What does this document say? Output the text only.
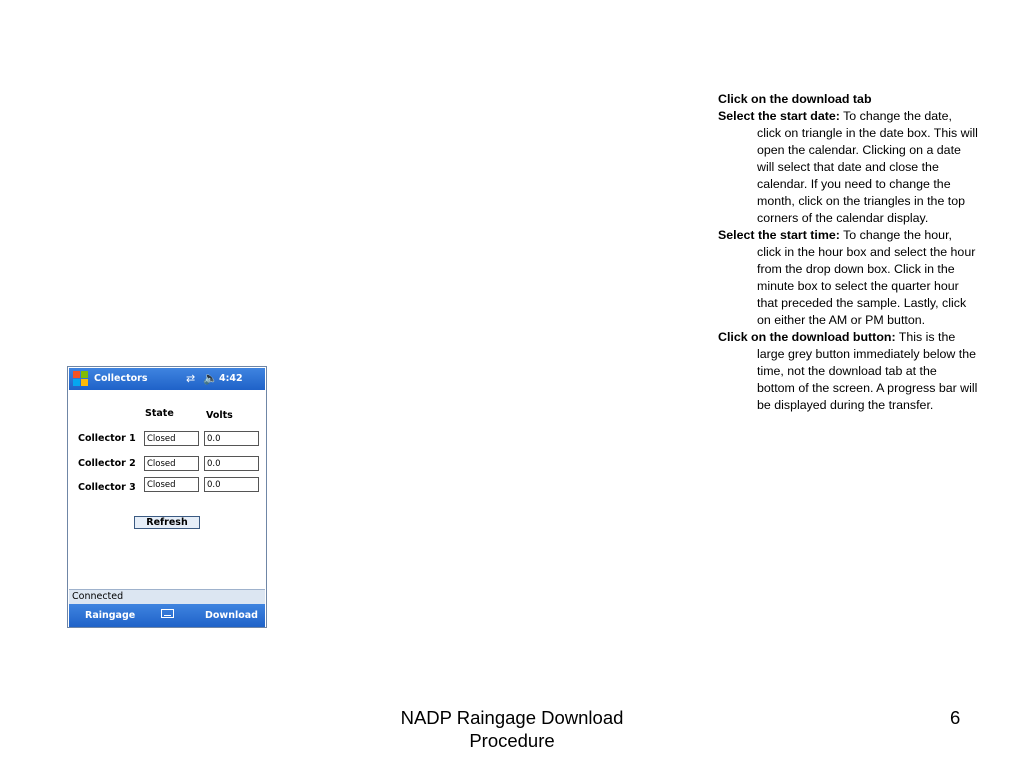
Collectors	⇄ 🔈 4:42
State	Volts
Collector 1	Closed	0.0
Collector 2	Closed	0.0
Collector 3	Closed	0.0
Refresh
Connected
Raingage	Download

Click on the download tab

Select the start date: To change the date, click on triangle in the date box. This will open the calendar. Clicking on a date will select that date and close the calendar. If you need to change the month, click on the triangles in the top corners of the calendar display.

Select the start time: To change the hour, click in the hour box and select the hour from the drop down box. Click in the minute box to select the quarter hour that preceded the sample. Lastly, click on either the AM or PM button.

Click on the download button: This is the large grey button immediately below the time, not the download tab at the bottom of the screen. A progress bar will be displayed during the transfer.

NADP Raingage Download Procedure
6
